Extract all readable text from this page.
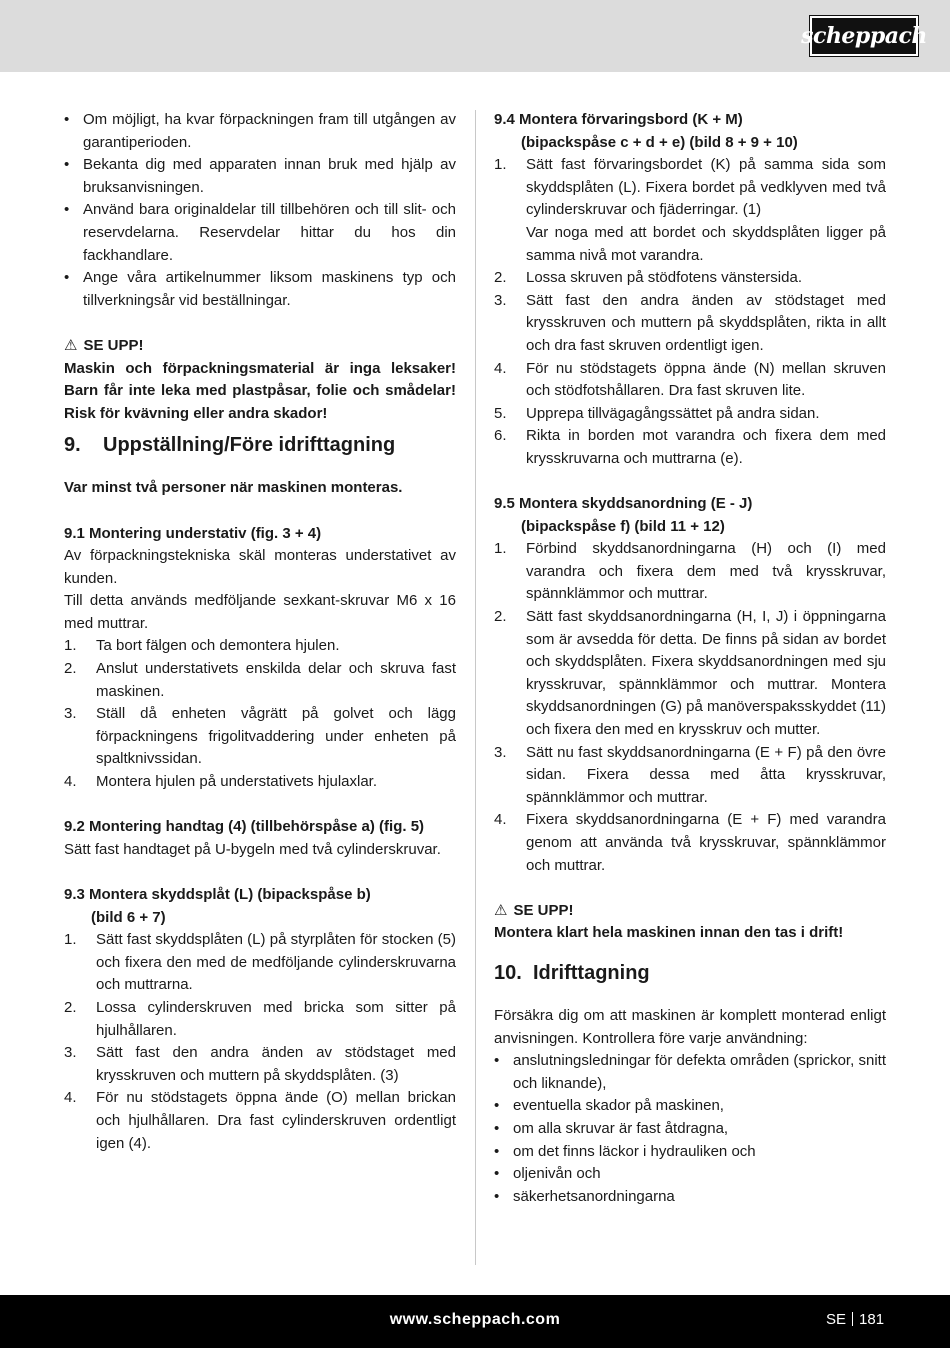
scheppach
• Om möjligt, ha kvar förpackningen fram till utgången av garantiperioden.
• Bekanta dig med apparaten innan bruk med hjälp av bruksanvisningen.
• Använd bara originaldelar till tillbehören och till slit- och reservdelarna. Reservdelar hittar du hos din fackhandlare.
• Ange våra artikelnummer liksom maskinens typ och tillverkningsår vid beställningar.

⚠ SE UPP!

Maskin och förpackningsmaterial är inga leksaker! Barn får inte leka med plastpåsar, folie och smådelar! Risk för kvävning eller andra skador!

9.	Uppställning/Före idrifttagning

Var minst två personer när maskinen monteras.

9.1 Montering understativ (fig. 3 + 4)

Av förpackningstekniska skäl monteras understativet av kunden.

Till detta används medföljande sexkant-skruvar M6 x 16 med muttrar.

1. Ta bort fälgen och demontera hjulen.
2. Anslut understativets enskilda delar och skruva fast maskinen.
3. Ställ då enheten vågrätt på golvet och lägg förpackningens frigolitvaddering under enheten på spaltknivssidan.
4. Montera hjulen på understativets hjulaxlar.

9.2 Montering handtag (4) (tillbehörspåse a) (fig. 5)

Sätt fast handtaget på U-bygeln med två cylinderskruvar.

9.3 Montera skyddsplåt (L) (bipackspåse b)

(bild 6 + 7)

1. Sätt fast skyddsplåten (L) på styrplåten för stocken (5) och fixera den med de medföljande cylinderskruvarna och muttrarna.
2. Lossa cylinderskruven med bricka som sitter på hjulhållaren.
3. Sätt fast den andra änden av stödstaget med krysskruven och muttern på skyddsplåten. (3)
4. För nu stödstagets öppna ände (O) mellan brickan och hjulhållaren. Dra fast cylinderskruven ordentligt igen (4).

9.4 Montera förvaringsbord (K + M)

(bipackspåse c + d + e) (bild 8 + 9 + 10)

1. Sätt fast förvaringsbordet (K) på samma sida som skyddsplåten (L). Fixera bordet på vedklyven med två cylinderskruvar och fjäderringar. (1)
Var noga med att bordet och skyddsplåten ligger på samma nivå mot varandra.
2. Lossa skruven på stödfotens vänstersida.
3. Sätt fast den andra änden av stödstaget med krysskruven och muttern på skyddsplåten, rikta in allt och dra fast skruven ordentligt igen.
4. För nu stödstagets öppna ände (N) mellan skruven och stödfotshållaren. Dra fast skruven lite.
5. Upprepa tillvägagångssättet på andra sidan.
6. Rikta in borden mot varandra och fixera dem med krysskruvarna och muttrarna (e).

9.5 Montera skyddsanordning (E - J)

(bipackspåse f) (bild 11 + 12)

1. Förbind skyddsanordningarna (H) och (I) med varandra och fixera dem med två krysskruvar, spännklämmor och muttrar.
2. Sätt fast skyddsanordningarna (H, I, J) i öppningarna som är avsedda för detta. De finns på sidan av bordet och skyddsplåten. Fixera skyddsanordningen med sju krysskruvar, spännklämmor och muttrar. Montera skyddsanordningen (G) på manöverspaksskyddet (11) och fixera den med en krysskruv och mutter.
3. Sätt nu fast skyddsanordningarna (E + F) på den övre sidan. Fixera dessa med åtta krysskruvar, spännklämmor och muttrar.
4. Fixera skyddsanordningarna (E + F) med varandra genom att använda två krysskruvar, spännklämmor och muttrar.

⚠ SE UPP!

Montera klart hela maskinen innan den tas i drift!

10. Idrifttagning

Försäkra dig om att maskinen är komplett monterad enligt anvisningen. Kontrollera före varje användning:

• anslutningsledningar för defekta områden (sprickor, snitt och liknande),
• eventuella skador på maskinen,
• om alla skruvar är fast åtdragna,
• om det finns läckor i hydrauliken och
• oljenivån och
• säkerhetsanordningarna
www.scheppach.com	SE 181
